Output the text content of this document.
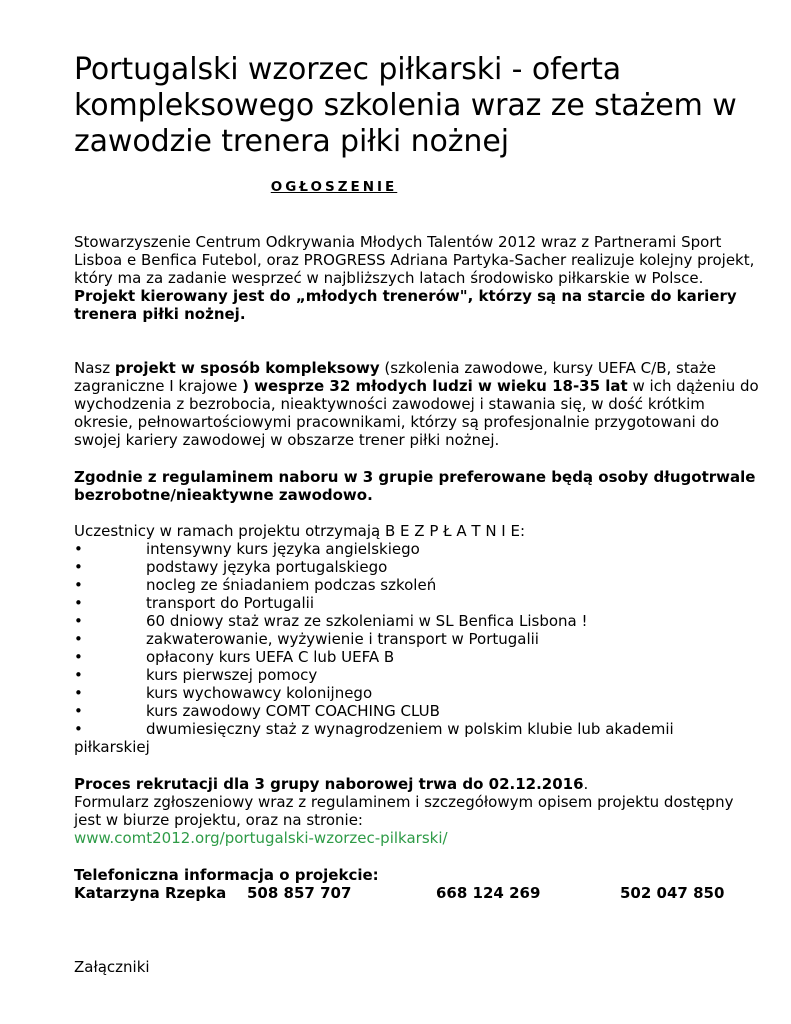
Portugalski wzorzec piłkarski - oferta kompleksowego szkolenia wraz ze stażem w zawodzie trenera piłki nożnej
OGŁOSZENIE

Stowarzyszenie Centrum Odkrywania Młodych Talentów 2012 wraz z Partnerami Sport Lisboa e Benfica Futebol, oraz PROGRESS Adriana Partyka-Sacher realizuje kolejny projekt, który ma za zadanie wesprzeć w najbliższych latach środowisko piłkarskie w Polsce.

Projekt kierowany jest do „młodych trenerów", którzy są na starcie do kariery trenera piłki nożnej.

Nasz projekt w sposób kompleksowy (szkolenia zawodowe, kursy UEFA C/B, staże zagraniczne I krajowe ) wesprze 32 młodych ludzi w wieku 18-35 lat w ich dążeniu do wychodzenia z bezrobocia, nieaktywności zawodowej i stawania się, w dość krótkim okresie, pełnowartościowymi pracownikami, którzy są profesjonalnie przygotowani do swojej kariery zawodowej w obszarze trener piłki nożnej.

Zgodnie z regulaminem naboru w 3 grupie preferowane będą osoby długotrwale bezrobotne/nieaktywne zawodowo.

Uczestnicy w ramach projektu otrzymają B E Z P Ł A T N I E:

•	intensywny kurs języka angielskiego
•	podstawy języka portugalskiego
•	nocleg ze śniadaniem podczas szkoleń
•	transport do Portugalii
•	60 dniowy staż wraz ze szkoleniami w SL Benfica Lisbona !
•	zakwaterowanie, wyżywienie i transport w Portugalii
•	opłacony kurs UEFA C lub UEFA B
•	kurs pierwszej pomocy
•	kurs wychowawcy kolonijnego
•	kurs zawodowy COMT COACHING CLUB
•	dwumiesięczny staż z wynagrodzeniem w polskim klubie lub akademii

piłkarskiej

Proces rekrutacji dla 3 grupy naborowej trwa do 02.12.2016.

Formularz zgłoszeniowy wraz z regulaminem i szczegółowym opisem projektu dostępny jest w biurze projektu, oraz na stronie:

www.comt2012.org/portugalski-wzorzec-pilkarski/

Telefoniczna informacja o projekcie:

Katarzyna Rzepka 508 857 707	668 124 269	502 047 850
Załączniki
